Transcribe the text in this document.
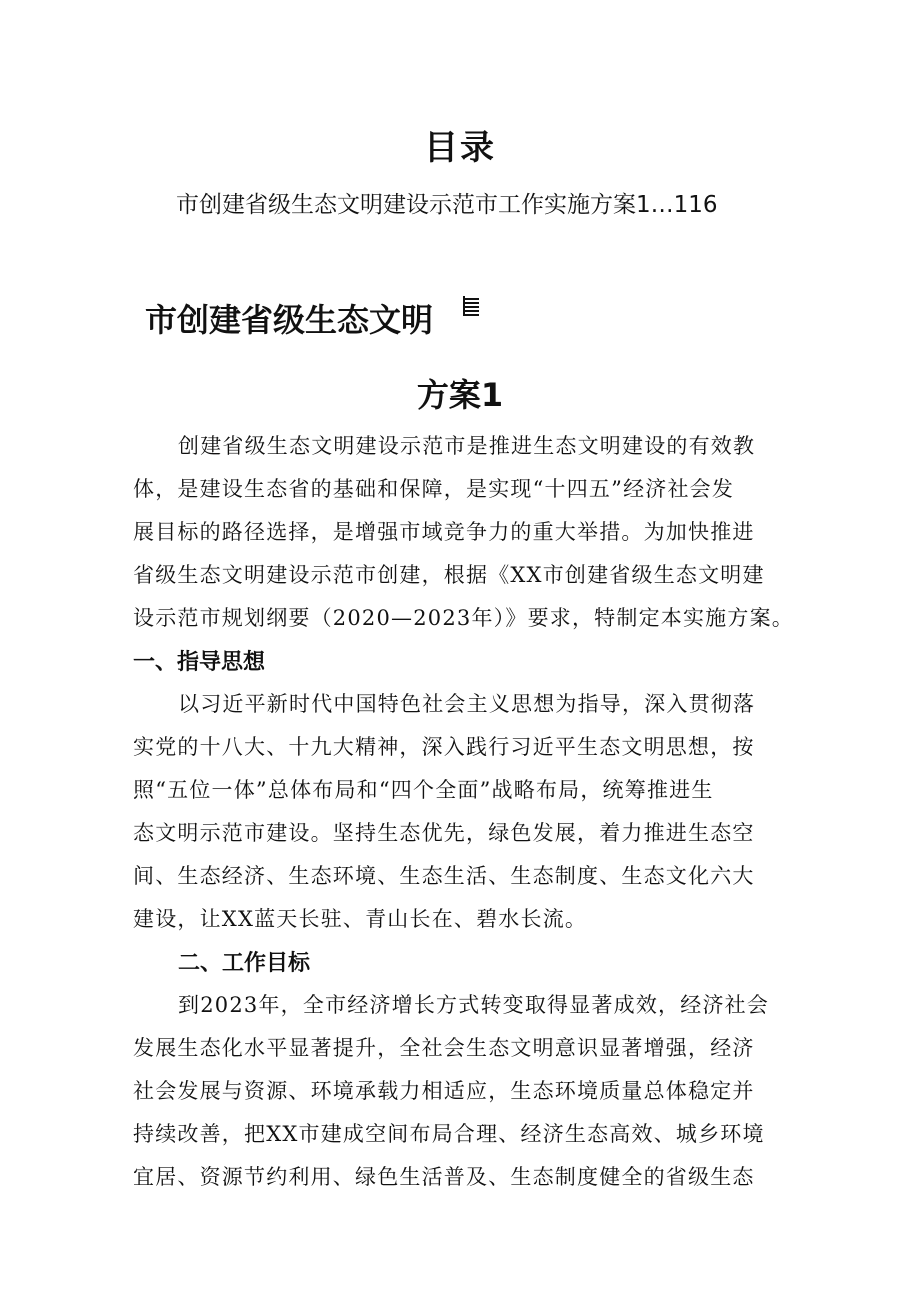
目录
市创建省级生态文明建设示范市工作实施方案1…116
市创建省级生态文明
方案1
创建省级生态文明建设示范市是推进生态文明建设的有效教
体，是建设生态省的基础和保障，是实现“十四五”经济社会发
展目标的路径选择，是增强市域竞争力的重大举措。为加快推进
省级生态文明建设示范市创建，根据《XX市创建省级生态文明建
设示范市规划纲要（2020—2023年）》要求，特制定本实施方案。
一、指导思想
以习近平新时代中国特色社会主义思想为指导，深入贯彻落
实党的十八大、十九大精神，深入践行习近平生态文明思想，按
照“五位一体”总体布局和“四个全面”战略布局，统筹推进生
态文明示范市建设。坚持生态优先，绿色发展，着力推进生态空
间、生态经济、生态环境、生态生活、生态制度、生态文化六大
建设，让XX蓝天长驻、青山长在、碧水长流。
二、工作目标
到2023年，全市经济增长方式转变取得显著成效，经济社会
发展生态化水平显著提升，全社会生态文明意识显著增强，经济
社会发展与资源、环境承载力相适应，生态环境质量总体稳定并
持续改善，把XX市建成空间布局合理、经济生态高效、城乡环境
宜居、资源节约利用、绿色生活普及、生态制度健全的省级生态
